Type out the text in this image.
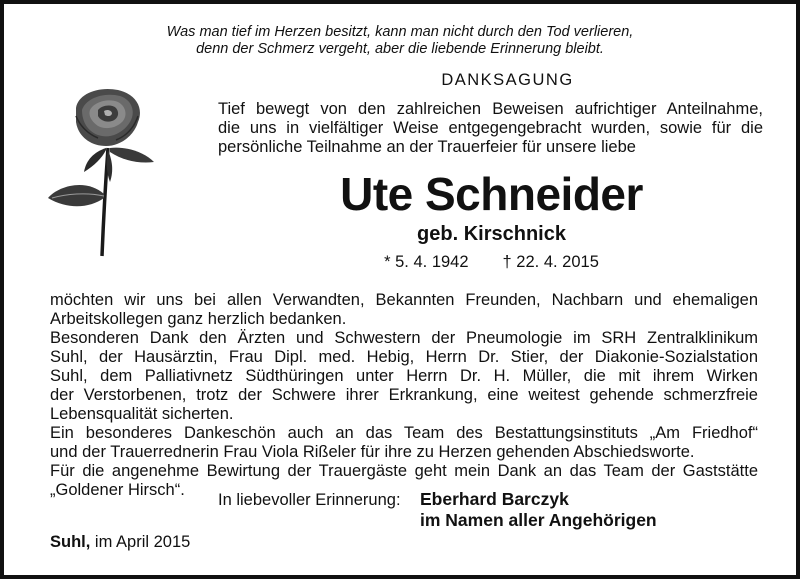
Was man tief im Herzen besitzt, kann man nicht durch den Tod verlieren,
denn der Schmerz vergeht, aber die liebende Erinnerung bleibt.
DANKSAGUNG
Tief bewegt von den zahlreichen Beweisen aufrichtiger Anteilnahme,
die uns in vielfältiger Weise entgegengebracht wurden, sowie für die
persönliche Teilnahme an der Trauerfeier für unsere liebe
Ute Schneider
geb. Kirschnick
* 5. 4. 1942 † 22. 4. 2015
möchten wir uns bei allen Verwandten, Bekannten Freunden, Nachbarn und ehemaligen
Arbeitskollegen ganz herzlich bedanken.
Besonderen Dank den Ärzten und Schwestern der Pneumologie im SRH Zentralklinikum
Suhl, der Hausärztin, Frau Dipl. med. Hebig, Herrn Dr. Stier, der Diakonie-Sozialstation
Suhl, dem Palliativnetz Südthüringen unter Herrn Dr. H. Müller, die mit ihrem Wirken
der Verstorbenen, trotz der Schwere ihrer Erkrankung, eine weitest gehende schmerzfreie
Lebensqualität sicherten.
Ein besonderes Dankeschön auch an das Team des Bestattungsinstituts „Am Friedhof“
und der Trauerrednerin Frau Viola Rißeler für ihre zu Herzen gehenden Abschiedsworte.
Für die angenehme Bewirtung der Trauergäste geht mein Dank an das Team der Gaststätte
„Goldener Hirsch“.
In liebevoller Erinnerung: Eberhard Barczyk
im Namen aller Angehörigen
Suhl, im April 2015
